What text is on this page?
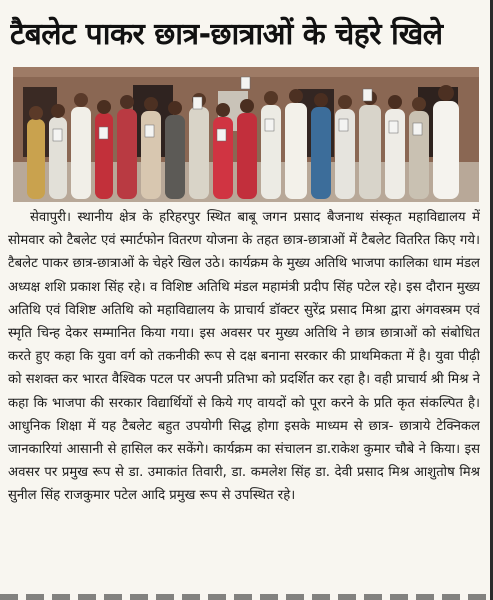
टैबलेट पाकर छात्र-छात्राओं के चेहरे खिले

सेवापुरी। स्थानीय क्षेत्र के हरिहरपुर स्थित बाबू जगन प्रसाद बैजनाथ संस्कृत महाविद्यालय में सोमवार को टैबलेट एवं स्मार्टफोन वितरण योजना के तहत छात्र-छात्राओं में टैबलेट वितरित किए गये। टैबलेट पाकर छात्र-छात्राओं के चेहरे खिल उठे। कार्यक्रम के मुख्य अतिथि भाजपा कालिका धाम मंडल अध्यक्ष शशि प्रकाश सिंह रहे। व विशिष्ट अतिथि मंडल महामंत्री प्रदीप सिंह पटेल रहे। इस दौरान मुख्य अतिथि एवं विशिष्ट अतिथि को महाविद्यालय के प्राचार्य डॉक्टर सुरेंद्र प्रसाद मिश्रा द्वारा अंगवस्त्रम एवं स्मृति चिन्ह देकर सम्मानित किया गया। इस अवसर पर मुख्य अतिथि ने छात्र छात्राओं को संबोधित करते हुए कहा कि युवा वर्ग को तकनीकी रूप से दक्ष बनाना सरकार की प्राथमिकता में है। युवा पीढ़ी को सशक्त कर भारत वैश्विक पटल पर अपनी प्रतिभा को प्रदर्शित कर रहा है। वही प्राचार्य श्री मिश्र ने कहा कि भाजपा की सरकार विद्यार्थियों से किये गए वायदों को पूरा करने के प्रति कृत संकल्पित है। आधुनिक शिक्षा में यह टैबलेट बहुत उपयोगी सिद्ध होगा इसके माध्यम से छात्र- छात्राये टेक्निकल जानकारियां आसानी से हासिल कर सकेंगे। कार्यक्रम का संचालन डा.राकेश कुमार चौबे ने किया। इस अवसर पर प्रमुख रूप से डा. उमाकांत तिवारी, डा. कमलेश सिंह डा. देवी प्रसाद मिश्र आशुतोष मिश्र सुनील सिंह राजकुमार पटेल आदि प्रमुख रूप से उपस्थित रहे।
